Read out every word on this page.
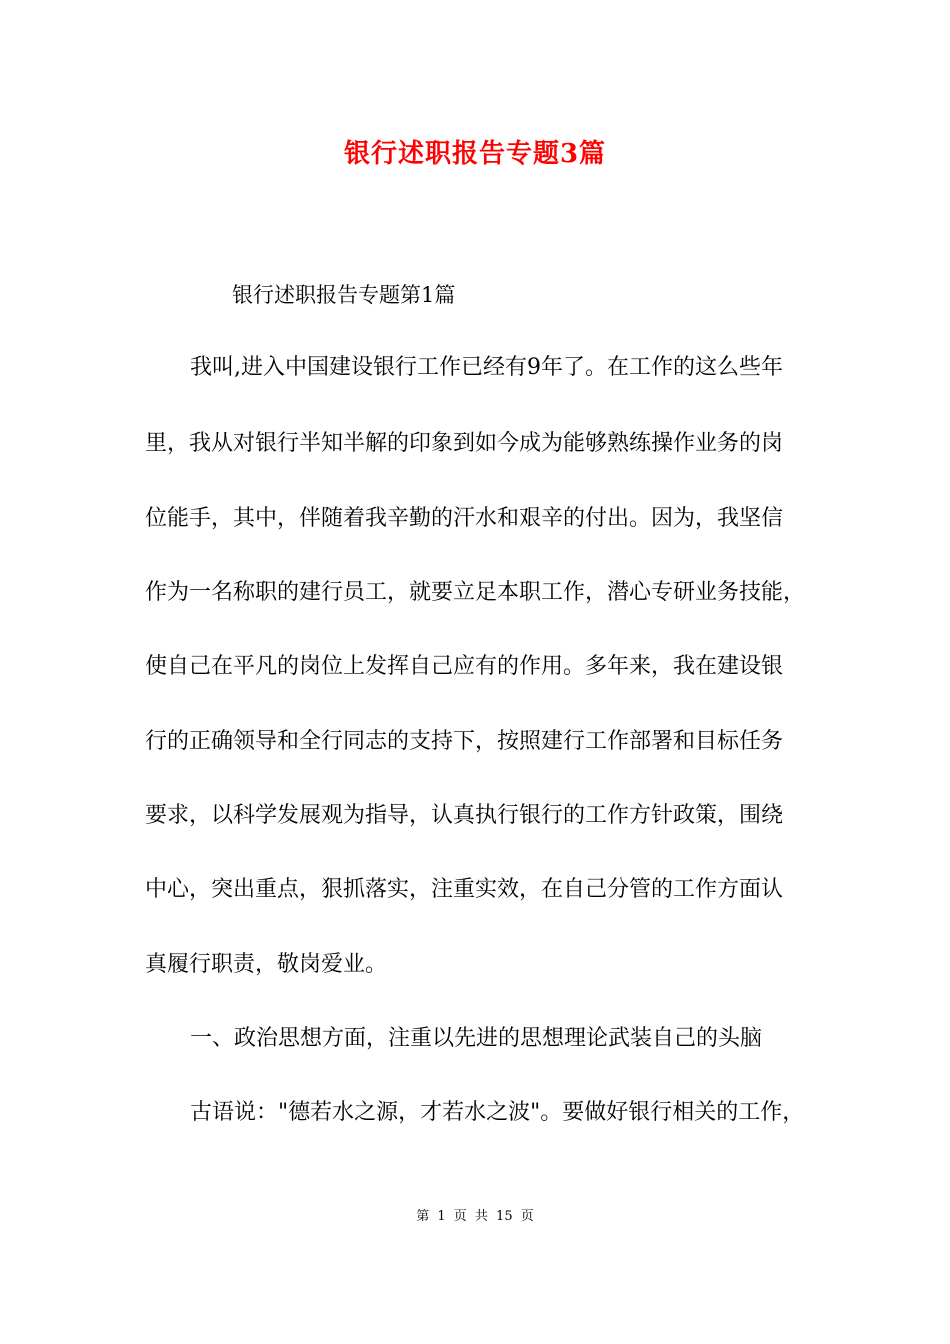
银行述职报告专题3篇
银行述职报告专题第1篇
我叫,进入中国建设银行工作已经有9年了。在工作的这么些年
里，我从对银行半知半解的印象到如今成为能够熟练操作业务的岗
位能手，其中，伴随着我辛勤的汗水和艰辛的付出。因为，我坚信
作为一名称职的建行员工，就要立足本职工作，潜心专研业务技能，
使自己在平凡的岗位上发挥自己应有的作用。多年来，我在建设银
行的正确领导和全行同志的支持下，按照建行工作部署和目标任务
要求，以科学发展观为指导，认真执行银行的工作方针政策，围绕
中心，突出重点，狠抓落实，注重实效，在自己分管的工作方面认
真履行职责，敬岗爱业。
一、政治思想方面，注重以先进的思想理论武装自己的头脑
古语说："德若水之源，才若水之波"。要做好银行相关的工作，
第 1 页 共 15 页
